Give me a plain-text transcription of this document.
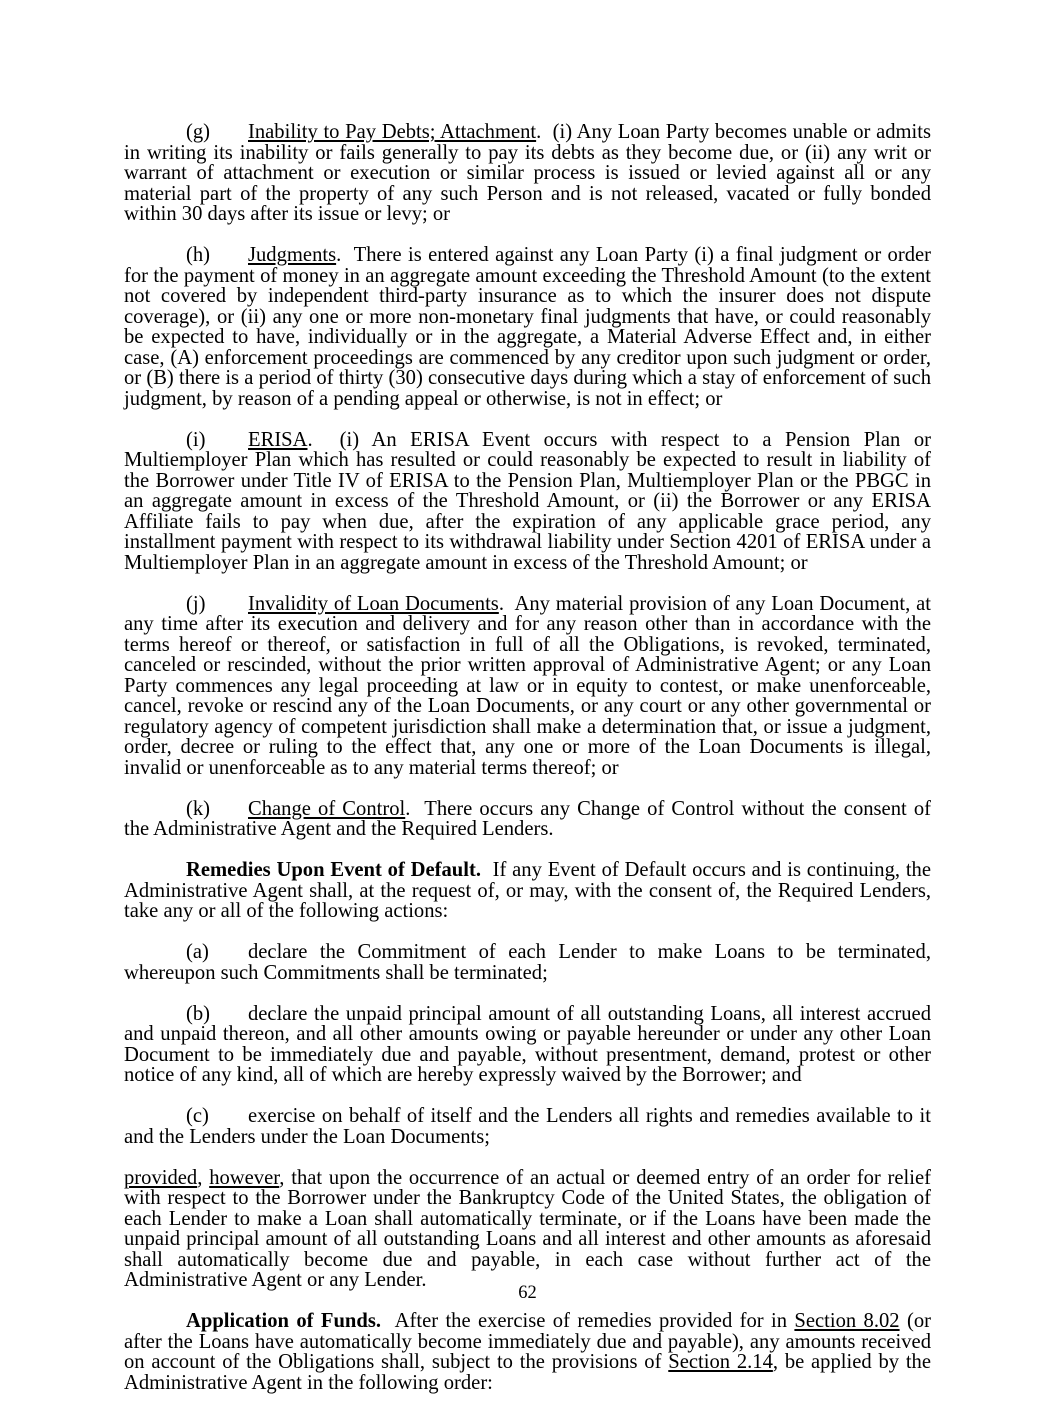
(g) Inability to Pay Debts; Attachment.  (i) Any Loan Party becomes unable or admits in writing its inability or fails generally to pay its debts as they become due, or (ii) any writ or warrant of attachment or execution or similar process is issued or levied against all or any material part of the property of any such Person and is not released, vacated or fully bonded within 30 days after its issue or levy; or

(h) Judgments.  There is entered against any Loan Party (i) a final judgment or order for the payment of money in an aggregate amount exceeding the Threshold Amount (to the extent not covered by independent third-party insurance as to which the insurer does not dispute coverage), or (ii) any one or more non-monetary final judgments that have, or could reasonably be expected to have, individually or in the aggregate, a Material Adverse Effect and, in either case, (A) enforcement proceedings are commenced by any creditor upon such judgment or order, or (B) there is a period of thirty (30) consecutive days during which a stay of enforcement of such judgment, by reason of a pending appeal or otherwise, is not in effect; or

(i) ERISA.  (i) An ERISA Event occurs with respect to a Pension Plan or Multiemployer Plan which has resulted or could reasonably be expected to result in liability of the Borrower under Title IV of ERISA to the Pension Plan, Multiemployer Plan or the PBGC in an aggregate amount in excess of the Threshold Amount, or (ii) the Borrower or any ERISA Affiliate fails to pay when due, after the expiration of any applicable grace period, any installment payment with respect to its withdrawal liability under Section 4201 of ERISA under a Multiemployer Plan in an aggregate amount in excess of the Threshold Amount; or

(j) Invalidity of Loan Documents.  Any material provision of any Loan Document, at any time after its execution and delivery and for any reason other than in accordance with the terms hereof or thereof, or satisfaction in full of all the Obligations, is revoked, terminated, canceled or rescinded, without the prior written approval of Administrative Agent; or any Loan Party commences any legal proceeding at law or in equity to contest, or make unenforceable, cancel, revoke or rescind any of the Loan Documents, or any court or any other governmental or regulatory agency of competent jurisdiction shall make a determination that, or issue a judgment, order, decree or ruling to the effect that, any one or more of the Loan Documents is illegal, invalid or unenforceable as to any material terms thereof; or

(k) Change of Control.  There occurs any Change of Control without the consent of the Administrative Agent and the Required Lenders.

Remedies Upon Event of Default.  If any Event of Default occurs and is continuing, the Administrative Agent shall, at the request of, or may, with the consent of, the Required Lenders, take any or all of the following actions:

(a) declare the Commitment of each Lender to make Loans to be terminated, whereupon such Commitments shall be terminated;

(b) declare the unpaid principal amount of all outstanding Loans, all interest accrued and unpaid thereon, and all other amounts owing or payable hereunder or under any other Loan Document to be immediately due and payable, without presentment, demand, protest or other notice of any kind, all of which are hereby expressly waived by the Borrower; and

(c) exercise on behalf of itself and the Lenders all rights and remedies available to it and the Lenders under the Loan Documents;

provided, however, that upon the occurrence of an actual or deemed entry of an order for relief with respect to the Borrower under the Bankruptcy Code of the United States, the obligation of each Lender to make a Loan shall automatically terminate, or if the Loans have been made the unpaid principal amount of all outstanding Loans and all interest and other amounts as aforesaid shall automatically become due and payable, in each case without further act of the Administrative Agent or any Lender.

Application of Funds.  After the exercise of remedies provided for in Section 8.02 (or after the Loans have automatically become immediately due and payable), any amounts received on account of the Obligations shall, subject to the provisions of Section 2.14, be applied by the Administrative Agent in the following order:

62
